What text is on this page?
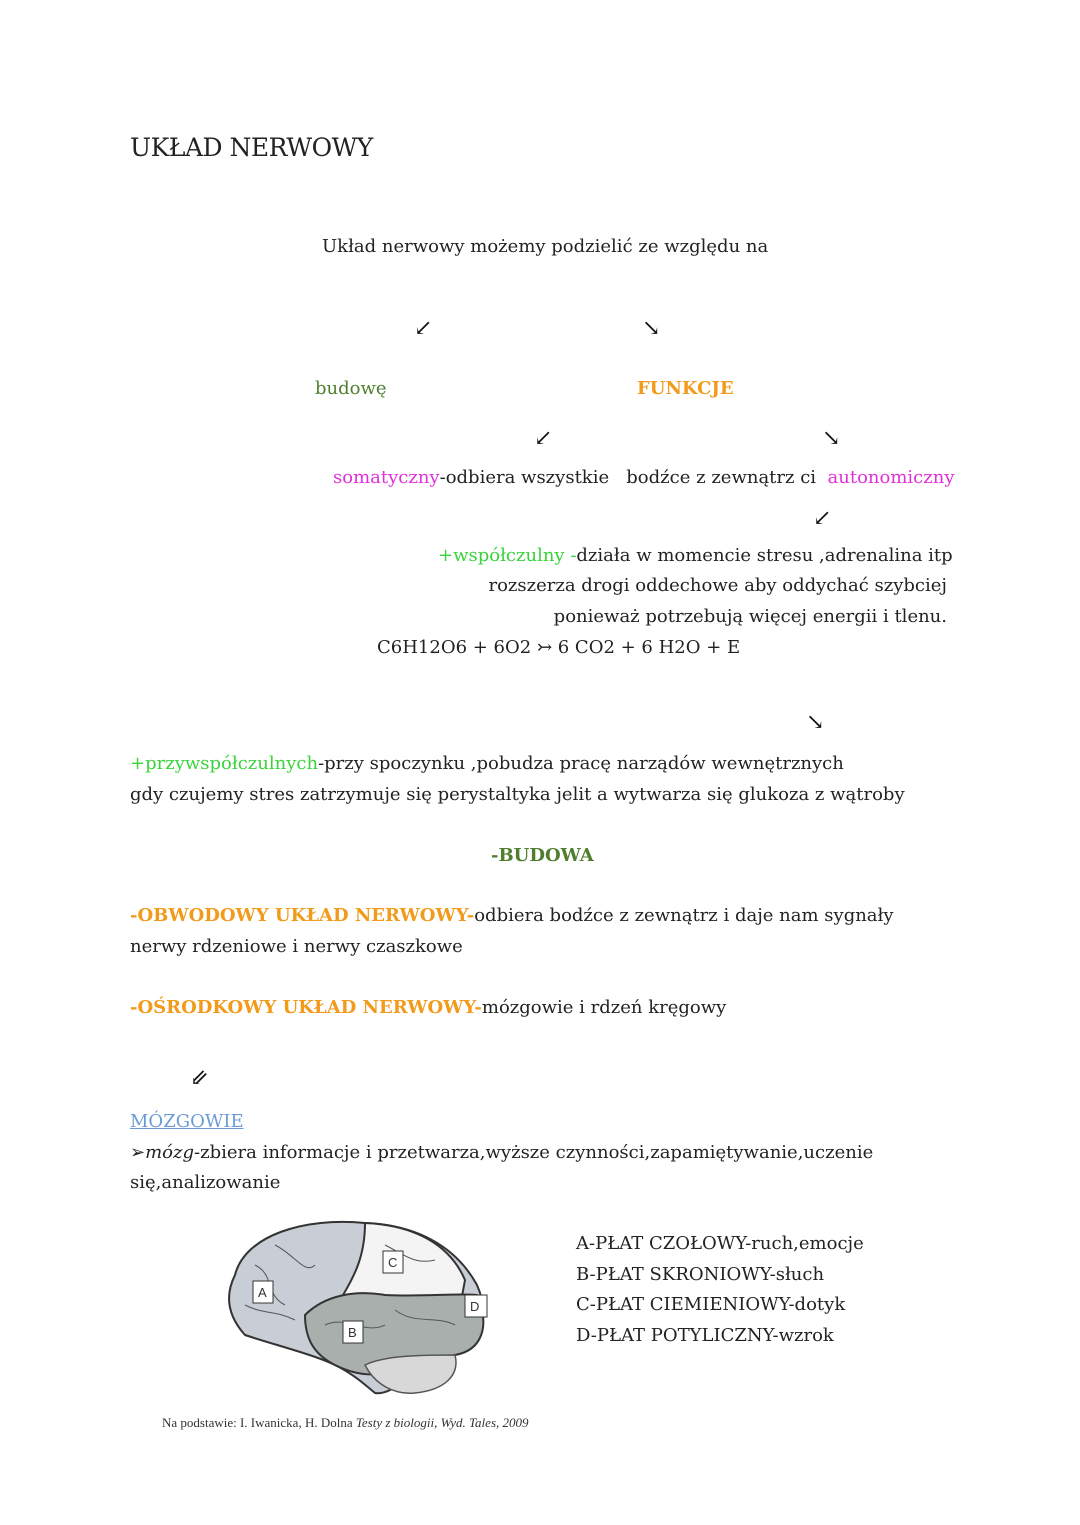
UKŁAD NERWOWY
Układ nerwowy możemy podzielić ze względu na
↙	↘
budowę	FUNKCJE
↙	↘
somatyczny-odbiera wszystkie   bodźce z zewnątrz ci  autonomiczny
↙
+współczulny -działa w momencie stresu ,adrenalina itp
rozszerza drogi oddechowe aby oddychać szybciej
ponieważ potrzebują więcej energii i tlenu.
C6H12O6 + 6O2 ↣ 6 CO2 + 6 H2O + E
↘
+przywspółczulnych-przy spoczynku ,pobudza pracę narządów wewnętrznych
gdy czujemy stres zatrzymuje się perystaltyka jelit a wytwarza się glukoza z wątroby
-BUDOWA
-OBWODOWY UKŁAD NERWOWY-odbiera bodźce z zewnątrz i daje nam sygnały
nerwy rdzeniowe i nerwy czaszkowe
-OŚRODKOWY UKŁAD NERWOWY-mózgowie i rdzeń kręgowy
⇙
MÓZGOWIE
➢mózg-zbiera informacje i przetwarza,wyższe czynności,zapamiętywanie,uczenie
się,analizowanie
A
B
C
D
A-PŁAT CZOŁOWY-ruch,emocje
B-PŁAT SKRONIOWY-słuch
C-PŁAT CIEMIENIOWY-dotyk
D-PŁAT POTYLICZNY-wzrok
Na podstawie: I. Iwanicka, H. Dolna Testy z biologii, Wyd. Tales, 2009
